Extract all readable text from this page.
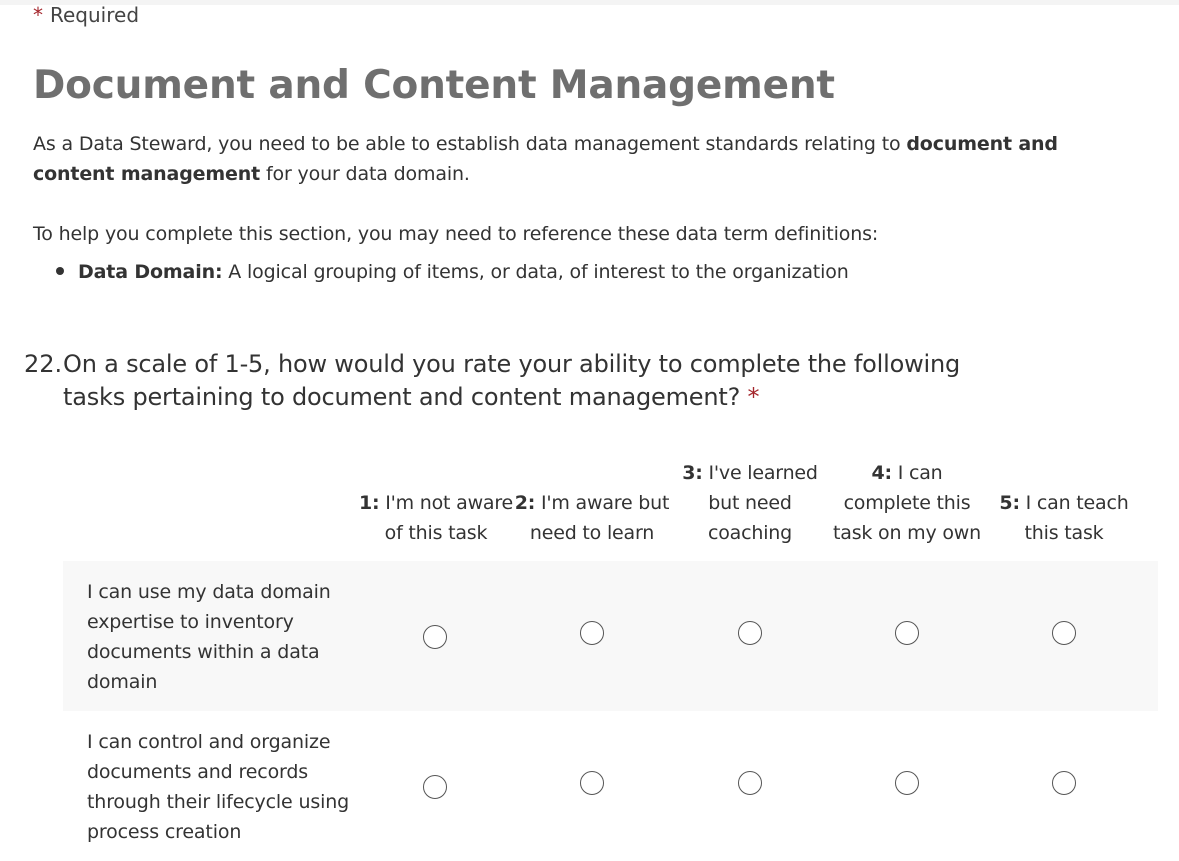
* Required
Document and Content Management
As a Data Steward, you need to be able to establish data management standards relating to document and content management for your data domain.
To help you complete this section, you may need to reference these data term definitions:
Data Domain: A logical grouping of items, or data, of interest to the organization
22. On a scale of 1-5, how would you rate your ability to complete the following tasks pertaining to document and content management? *
1: I'm not aware of this task
2: I'm aware but need to learn
3: I've learned but need coaching
4: I can complete this task on my own
5: I can teach this task
I can use my data domain expertise to inventory documents within a data domain
I can control and organize documents and records through their lifecycle using process creation
